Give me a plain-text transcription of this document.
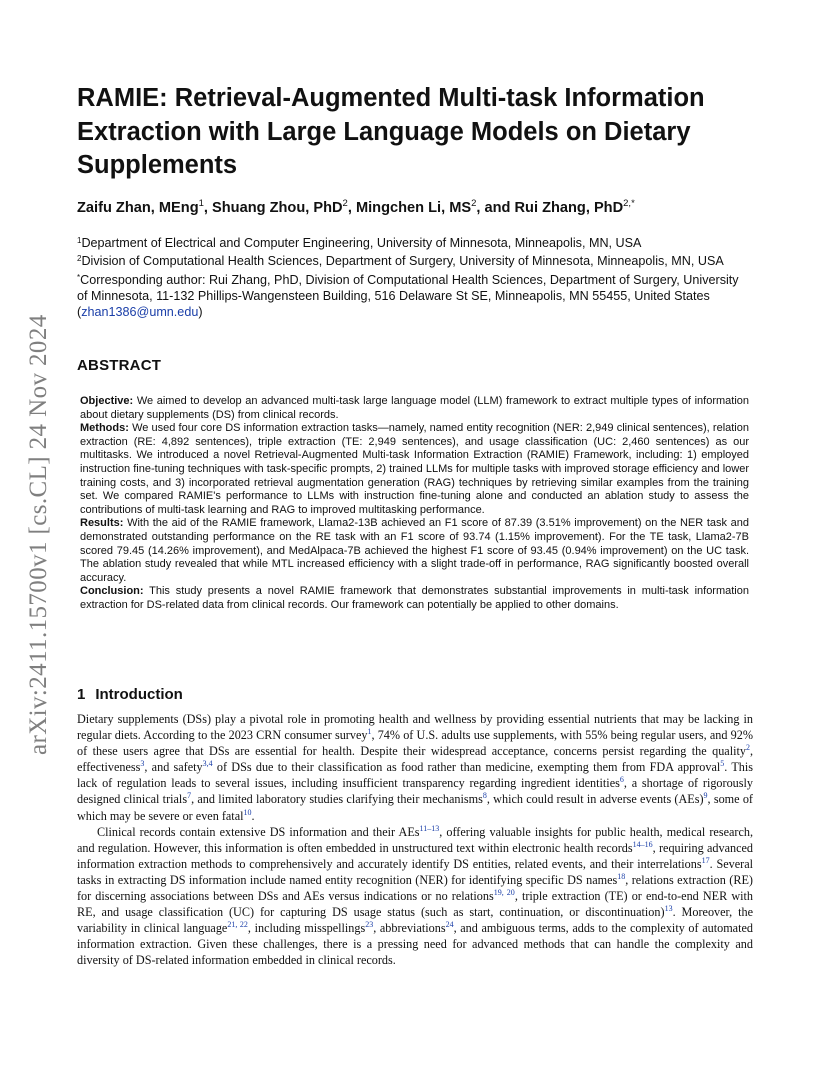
arXiv:2411.15700v1 [cs.CL] 24 Nov 2024
RAMIE: Retrieval-Augmented Multi-task Information Extraction with Large Language Models on Dietary Supplements
Zaifu Zhan, MEng$^1$, Shuang Zhou, PhD$^2$, Mingchen Li, $MS^2$, and Rui Zhang, PhD$^{2,*}$

$^1$Department of Electrical and Computer Engineering, University of Minnesota, Minneapolis, MN, USA

$^2$Division of Computational Health Sciences, Department of Surgery, University of Minnesota, Minneapolis, MN, USA

*Corresponding author: Rui Zhang, PhD, Division of Computational Health Sciences, Department of Surgery, University of Minnesota, 11-132 Phillips-Wangensteen Building, 516 Delaware St SE, Minneapolis, MN 55455, United States (zhan1386@umn.edu)

ABSTRACT

Objective: We aimed to develop an advanced multi-task large language model (LLM) framework to extract multiple types of information about dietary supplements (DS) from clinical records.

Methods: We used four core DS information extraction tasks—namely, named entity recognition (NER: 2,949 clinical sentences), relation extraction (RE: 4,892 sentences), triple extraction (TE: 2,949 sentences), and usage classification (UC: 2,460 sentences) as our multitasks. We introduced a novel Retrieval-Augmented Multi-task Information Extraction (RAMIE) Framework, including: 1) employed instruction fine-tuning techniques with task-specific prompts, 2) trained LLMs for multiple tasks with improved storage efficiency and lower training costs, and 3) incorporated retrieval augmentation generation (RAG) techniques by retrieving similar examples from the training set. We compared RAMIE's performance to LLMs with instruction fine-tuning alone and conducted an ablation study to assess the contributions of multi-task learning and RAG to improved multitasking performance.

Results: With the aid of the RAMIE framework, Llama2-13B achieved an F1 score of 87.39 (3.51% improvement) on the NER task and demonstrated outstanding performance on the RE task with an F1 score of 93.74 (1.15% improvement). For the TE task, Llama2-7B scored 79.45 (14.26% improvement), and MedAlpaca-7B achieved the highest F1 score of 93.45 (0.94% improvement) on the UC task. The ablation study revealed that while MTL increased efficiency with a slight trade-off in performance, RAG significantly boosted overall accuracy.

Conclusion: This study presents a novel RAMIE framework that demonstrates substantial improvements in multi-task information extraction for DS-related data from clinical records. Our framework can potentially be applied to other domains.

1 Introduction

Dietary supplements (DSs) play a pivotal role in promoting health and wellness by providing essential nutrients that may be lacking in regular diets. According to the 2023 CRN consumer survey$^1$, 74% of U.S. adults use supplements, with 55% being regular users, and 92% of these users agree that DSs are essential for health. Despite their widespread acceptance, concerns persist regarding the quality$^2$, effectiveness$^3$, and safety$^{3,4}$ of DSs due to their classification as food rather than medicine, exempting them from FDA approval$^5$. This lack of regulation leads to several issues, including insufficient transparency regarding ingredient identities$^6$, a shortage of rigorously designed clinical trials$^7$, and limited laboratory studies clarifying their mechanisms$^8$, which could result in adverse events (AEs)$^9$, some of which may be severe or even fatal$^{10}$.

Clinical records contain extensive DS information and their AEs$^{11-13}$, offering valuable insights for public health, medical research, and regulation. However, this information is often embedded in unstructured text within electronic health records$^{14-16}$, requiring advanced information extraction methods to comprehensively and accurately identify DS entities, related events, and their interrelations$^{17}$. Several tasks in extracting DS information include named entity recognition (NER) for identifying specific DS names$^{18}$, relations extraction (RE) for discerning associations between DSs and AEs versus indications or no relations$^{19, 20}$, triple extraction (TE) or end-to-end NER with RE, and usage classification (UC) for capturing DS usage status (such as start, continuation, or discontinuation)$^{13}$. Moreover, the variability in clinical language$^{21, 22}$, including misspellings$^{23}$, abbreviations$^{24}$, and ambiguous terms, adds to the complexity of automated information extraction. Given these challenges, there is a pressing need for advanced methods that can handle the complexity and diversity of DS-related information embedded in clinical records.
